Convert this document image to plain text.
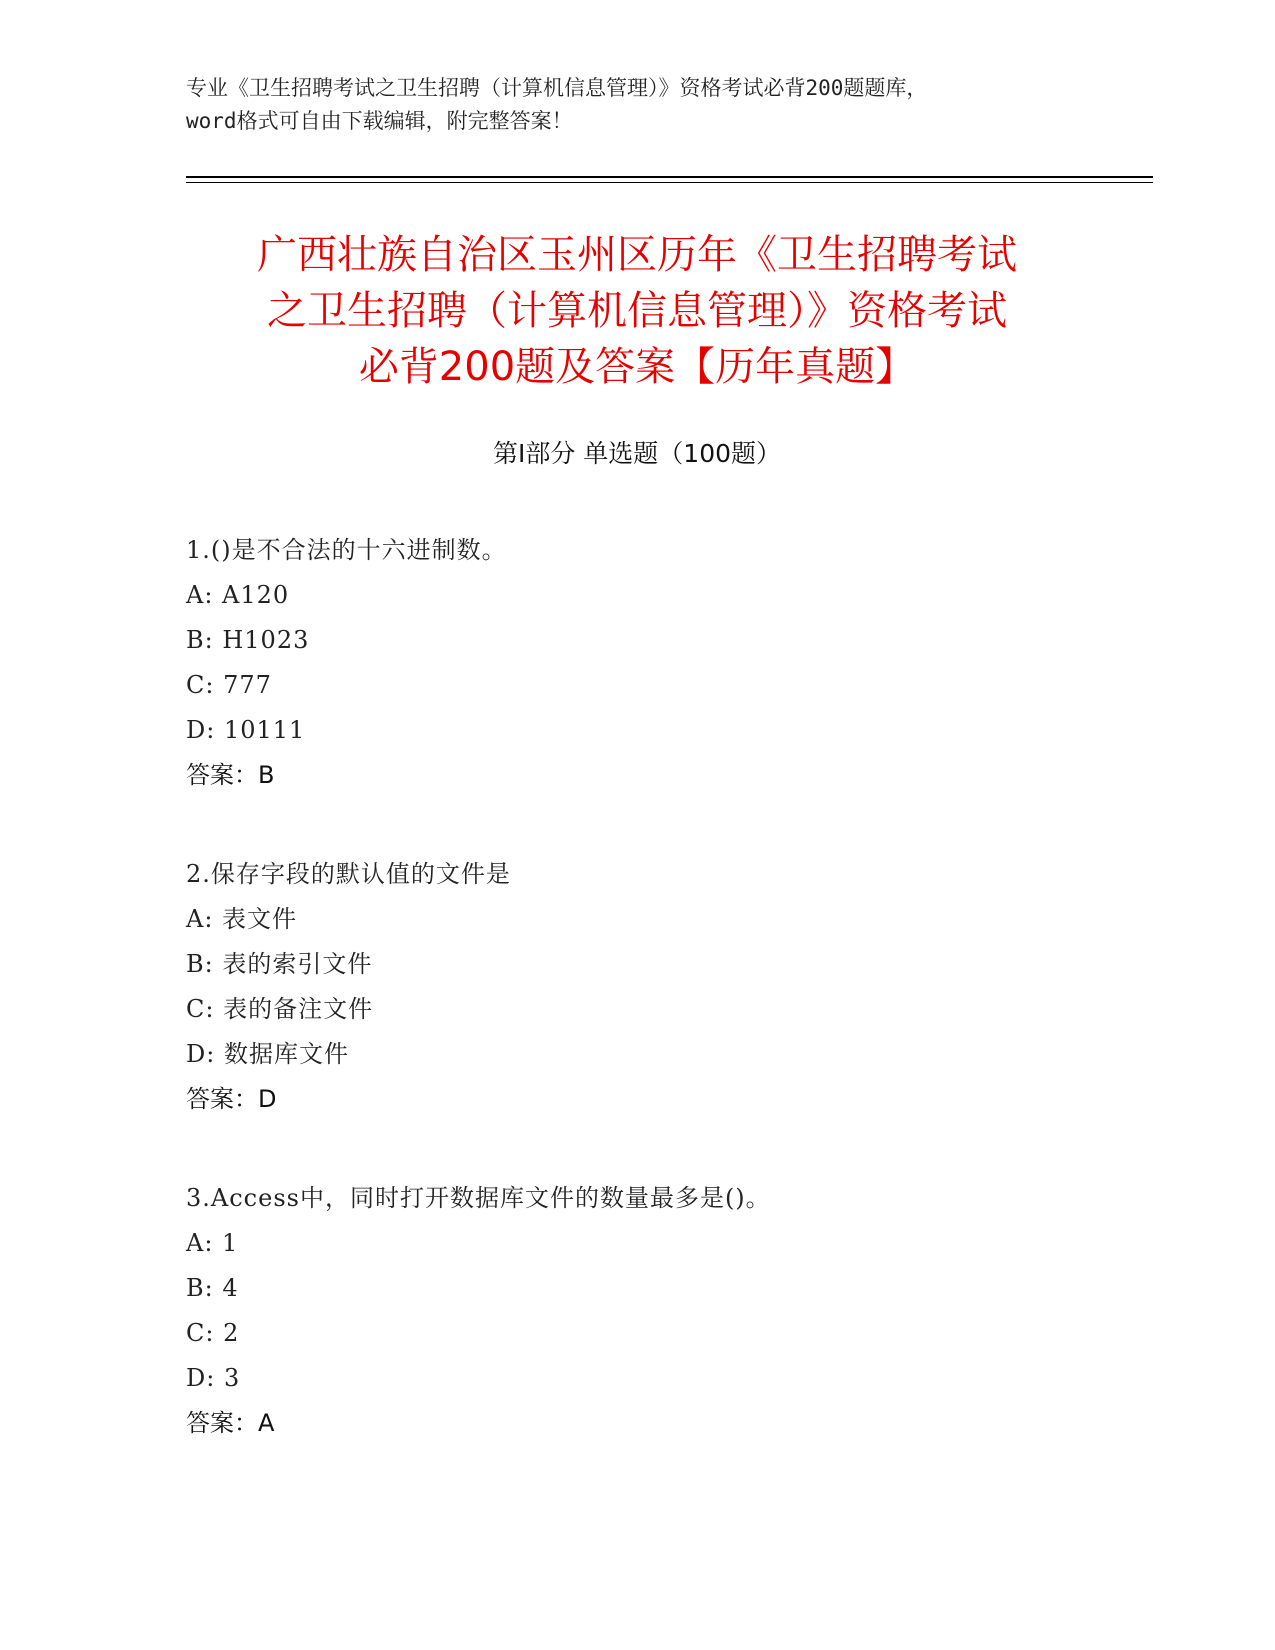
专业《卫生招聘考试之卫生招聘（计算机信息管理）》资格考试必背200题题库，
word格式可自由下载编辑，附完整答案！
广西壮族自治区玉州区历年《卫生招聘考试
之卫生招聘（计算机信息管理）》资格考试
必背200题及答案【历年真题】
第I部分 单选题（100题）
1.()是不合法的十六进制数。
A: A120
B: H1023
C: 777
D: 10111
答案：B
2.保存字段的默认值的文件是
A: 表文件
B: 表的索引文件
C: 表的备注文件
D: 数据库文件
答案：D
3.Access中，同时打开数据库文件的数量最多是()。
A: 1
B: 4
C: 2
D: 3
答案：A
